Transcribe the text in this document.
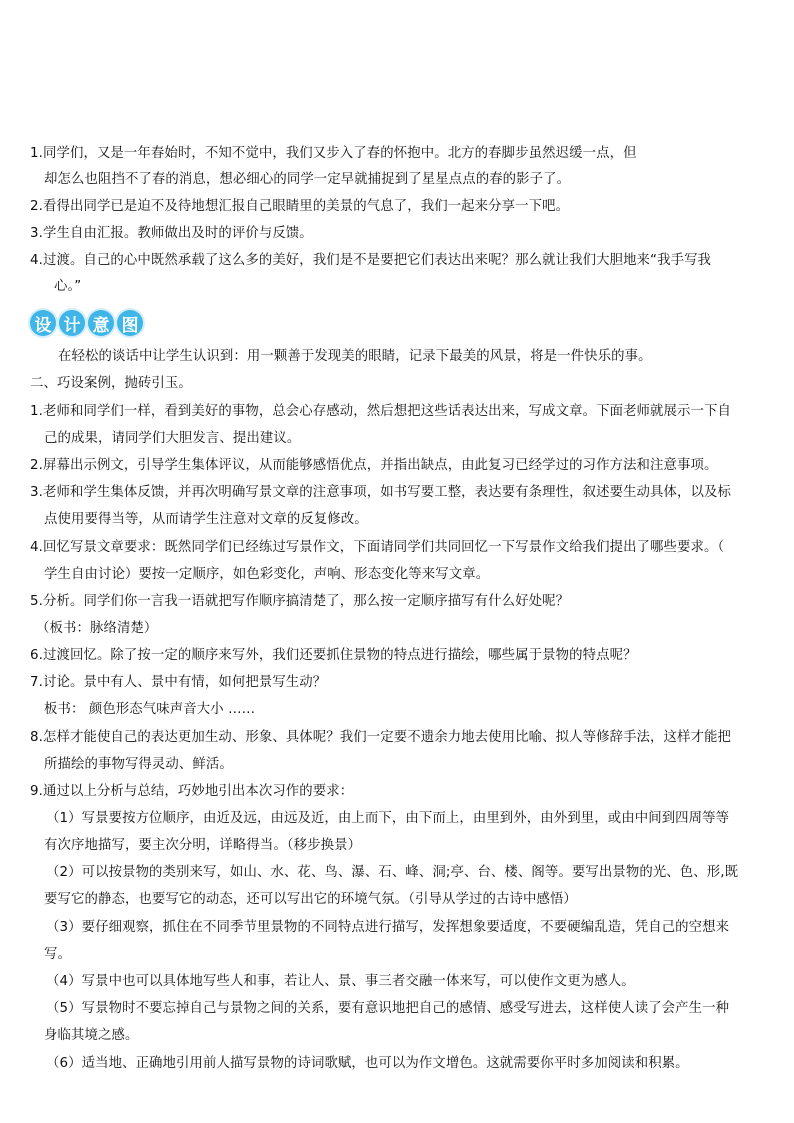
1.同学们，又是一年春始时，不知不觉中，我们又步入了春的怀抱中。北方的春脚步虽然迟缓一点，但
却怎么也阻挡不了春的消息，想必细心的同学一定早就捕捉到了星星点点的春的影子了。
2.看得出同学已是迫不及待地想汇报自己眼睛里的美景的气息了，我们一起来分享一下吧。
3.学生自由汇报。教师做出及时的评价与反馈。
4.过渡。自己的心中既然承载了这么多的美好，我们是不是要把它们表达出来呢？那么就让我们大胆地来“我手写我
心。”
设 计 意 图
在轻松的谈话中让学生认识到：用一颗善于发现美的眼睛，记录下最美的风景，将是一件快乐的事。
二、巧设案例，抛砖引玉。
1.老师和同学们一样，看到美好的事物，总会心存感动，然后想把这些话表达出来，写成文章。下面老师就展示一下自
己的成果，请同学们大胆发言、提出建议。
2.屏幕出示例文，引导学生集体评议，从而能够感悟优点，并指出缺点，由此复习已经学过的习作方法和注意事项。
3.老师和学生集体反馈，并再次明确写景文章的注意事项，如书写要工整，表达要有条理性，叙述要生动具体，以及标
点使用要得当等，从而请学生注意对文章的反复修改。
4.回忆写景文章要求：既然同学们已经练过写景作文，下面请同学们共同回忆一下写景作文给我们提出了哪些要求。（
学生自由讨论）要按一定顺序，如色彩变化，声响、形态变化等来写文章。
5.分析。同学们你一言我一语就把写作顺序搞清楚了，那么按一定顺序描写有什么好处呢？
（板书：脉络清楚）
6.过渡回忆。除了按一定的顺序来写外，我们还要抓住景物的特点进行描绘，哪些属于景物的特点呢？
7.讨论。景中有人、景中有情，如何把景写生动？
板书： 颜色形态气味声音大小 ……
8.怎样才能使自己的表达更加生动、形象、具体呢？我们一定要不遗余力地去使用比喻、拟人等修辞手法，这样才能把
所描绘的事物写得灵动、鲜活。
9.通过以上分析与总结，巧妙地引出本次习作的要求：
（1）写景要按方位顺序，由近及远，由远及近，由上而下，由下而上，由里到外，由外到里，或由中间到四周等等
有次序地描写，要主次分明，详略得当。（移步换景）
（2）可以按景物的类别来写，如山、水、花、鸟、瀑、石、峰、洞;亭、台、楼、阁等。要写出景物的光、色、形,既
要写它的静态，也要写它的动态，还可以写出它的环境气氛。（引导从学过的古诗中感悟）
（3）要仔细观察，抓住在不同季节里景物的不同特点进行描写，发挥想象要适度，不要硬编乱造，凭自己的空想来
写。
（4）写景中也可以具体地写些人和事，若让人、景、事三者交融一体来写，可以使作文更为感人。
（5）写景物时不要忘掉自己与景物之间的关系，要有意识地把自己的感情、感受写进去，这样使人读了会产生一种
身临其境之感。
（6）适当地、正确地引用前人描写景物的诗词歌赋，也可以为作文增色。这就需要你平时多加阅读和积累。
